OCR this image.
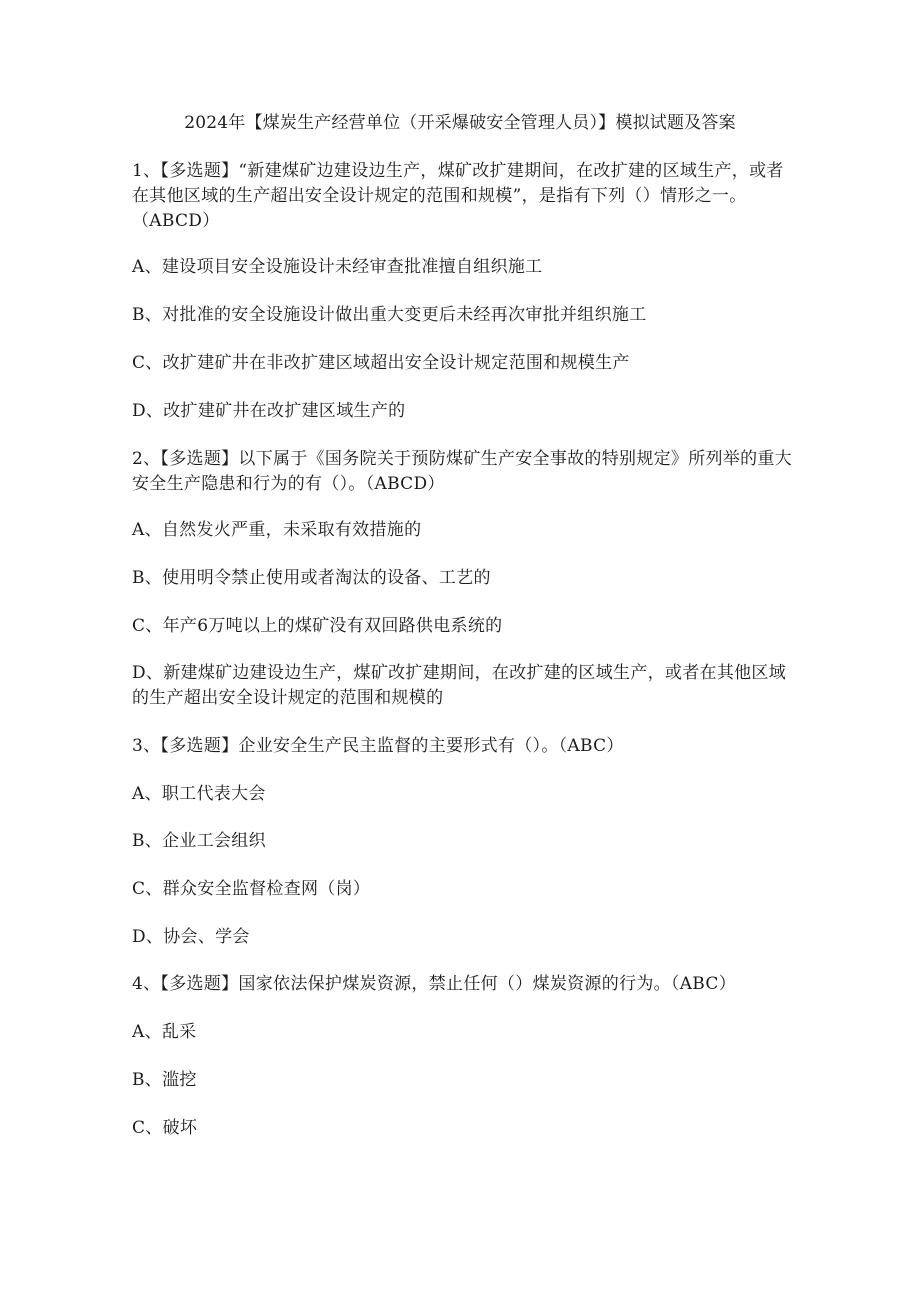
2024年【煤炭生产经营单位（开采爆破安全管理人员）】模拟试题及答案
1、【多选题】“新建煤矿边建设边生产，煤矿改扩建期间，在改扩建的区域生产，或者在其他区域的生产超出安全设计规定的范围和规模”，是指有下列（）情形之一。（ABCD）
A、建设项目安全设施设计未经审查批准擅自组织施工
B、对批准的安全设施设计做出重大变更后未经再次审批并组织施工
C、改扩建矿井在非改扩建区域超出安全设计规定范围和规模生产
D、改扩建矿井在改扩建区域生产的
2、【多选题】以下属于《国务院关于预防煤矿生产安全事故的特别规定》所列举的重大安全生产隐患和行为的有（）。（ABCD）
A、自然发火严重，未采取有效措施的
B、使用明令禁止使用或者淘汰的设备、工艺的
C、年产6万吨以上的煤矿没有双回路供电系统的
D、新建煤矿边建设边生产，煤矿改扩建期间，在改扩建的区域生产，或者在其他区域的生产超出安全设计规定的范围和规模的
3、【多选题】企业安全生产民主监督的主要形式有（）。（ABC）
A、职工代表大会
B、企业工会组织
C、群众安全监督检查网（岗）
D、协会、学会
4、【多选题】国家依法保护煤炭资源，禁止任何（）煤炭资源的行为。（ABC）
A、乱采
B、滥挖
C、破坏
